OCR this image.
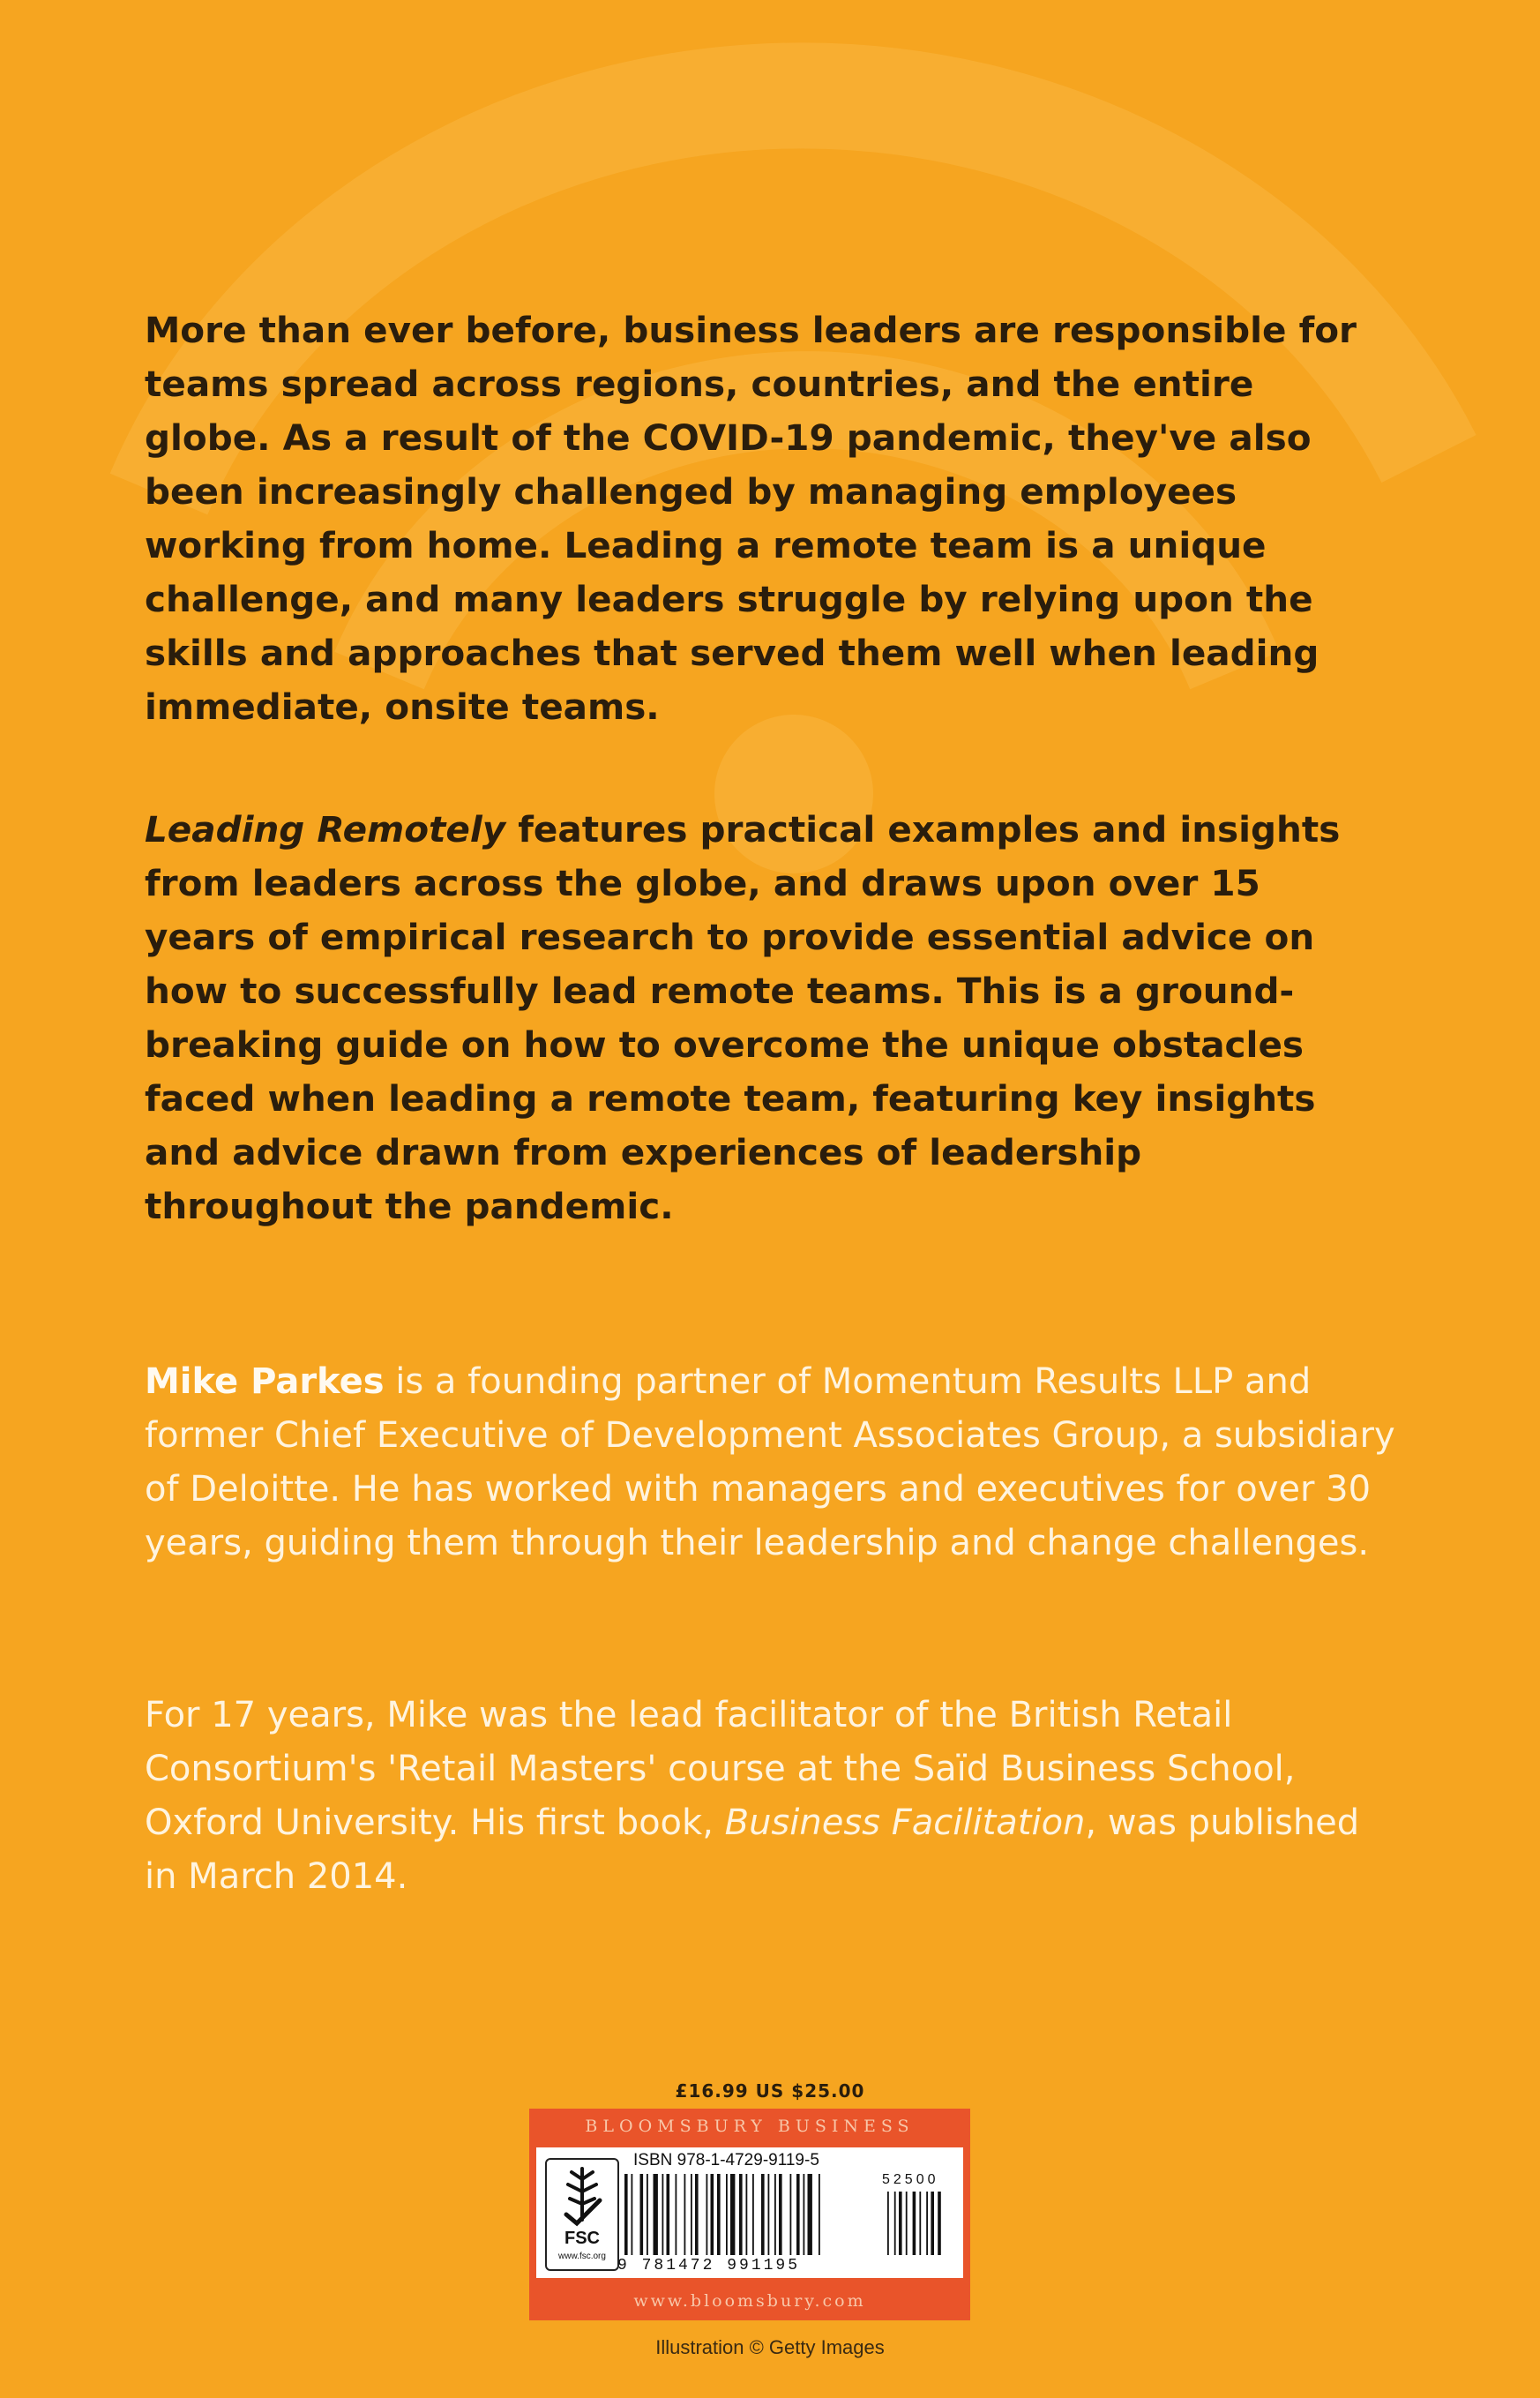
More than ever before, business leaders are responsible for teams spread across regions, countries, and the entire globe. As a result of the COVID-19 pandemic, they've also been increasingly challenged by managing employees working from home. Leading a remote team is a unique challenge, and many leaders struggle by relying upon the skills and approaches that served them well when leading immediate, onsite teams.

Leading Remotely features practical examples and insights from leaders across the globe, and draws upon over 15 years of empirical research to provide essential advice on how to successfully lead remote teams. This is a ground-breaking guide on how to overcome the unique obstacles faced when leading a remote team, featuring key insights and advice drawn from experiences of leadership throughout the pandemic.

Mike Parkes is a founding partner of Momentum Results LLP and former Chief Executive of Development Associates Group, a subsidiary of Deloitte. He has worked with managers and executives for over 30 years, guiding them through their leadership and change challenges.

For 17 years, Mike was the lead facilitator of the British Retail Consortium's 'Retail Masters' course at the Saïd Business School, Oxford University. His first book, Business Facilitation, was published in March 2014.

£16.99 US $25.00
BLOOMSBURY BUSINESS
FSC
www.fsc.org
ISBN 978-1-4729-9119-5
52500
9 781472 991195
www.bloomsbury.com
Illustration © Getty Images
